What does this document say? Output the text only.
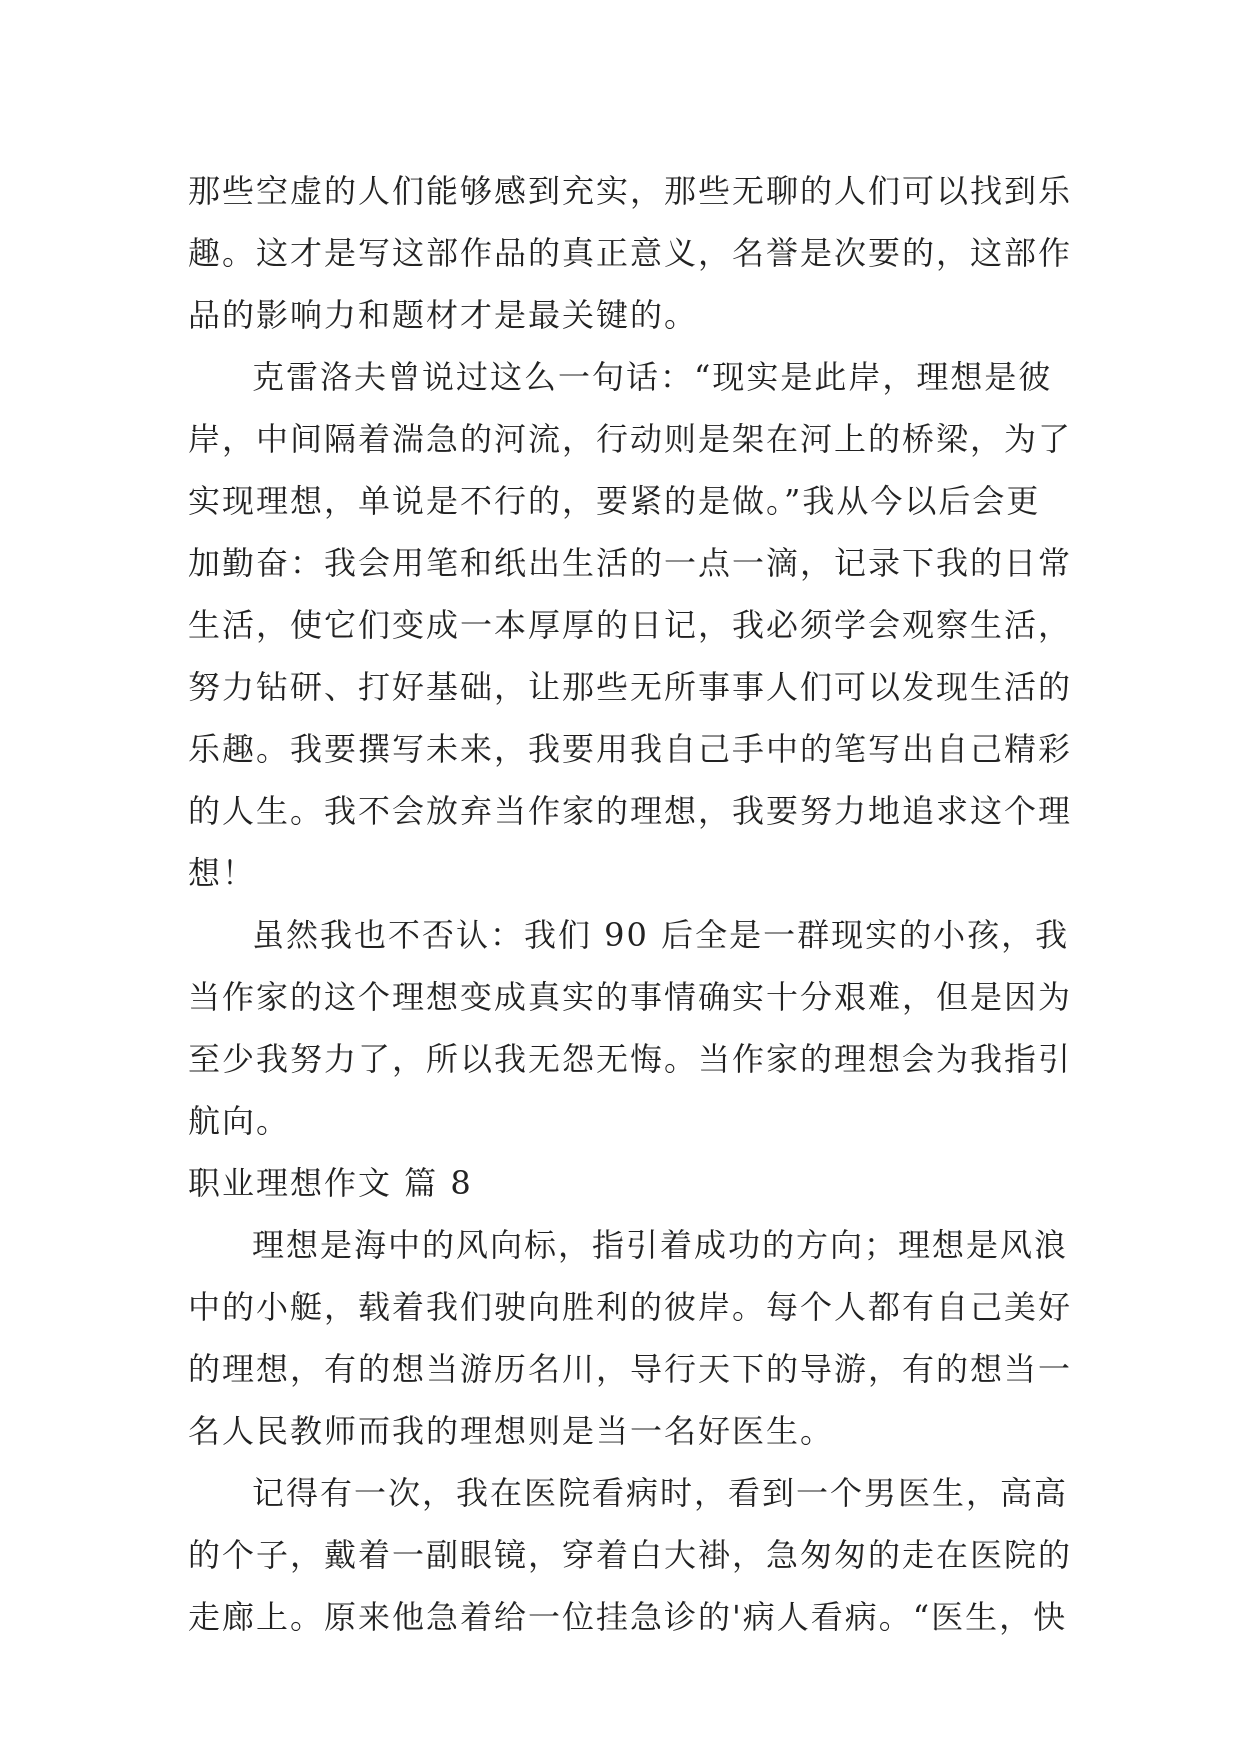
那些空虚的人们能够感到充实，那些无聊的人们可以找到乐
趣。这才是写这部作品的真正意义，名誉是次要的，这部作
品的影响力和题材才是最关键的。
克雷洛夫曾说过这么一句话：“现实是此岸，理想是彼
岸，中间隔着湍急的河流，行动则是架在河上的桥梁，为了
实现理想，单说是不行的，要紧的是做。”我从今以后会更
加勤奋：我会用笔和纸出生活的一点一滴，记录下我的日常
生活，使它们变成一本厚厚的日记，我必须学会观察生活，
努力钻研、打好基础，让那些无所事事人们可以发现生活的
乐趣。我要撰写未来，我要用我自己手中的笔写出自己精彩
的人生。我不会放弃当作家的理想，我要努力地追求这个理
想！
虽然我也不否认：我们 90 后全是一群现实的小孩，我
当作家的这个理想变成真实的事情确实十分艰难，但是因为
至少我努力了，所以我无怨无悔。当作家的理想会为我指引
航向。
职业理想作文 篇 8
理想是海中的风向标，指引着成功的方向；理想是风浪
中的小艇，载着我们驶向胜利的彼岸。每个人都有自己美好
的理想，有的想当游历名川，导行天下的导游，有的想当一
名人民教师而我的理想则是当一名好医生。
记得有一次，我在医院看病时，看到一个男医生，高高
的个子，戴着一副眼镜，穿着白大褂，急匆匆的走在医院的
走廊上。原来他急着给一位挂急诊的'病人看病。“医生，快
